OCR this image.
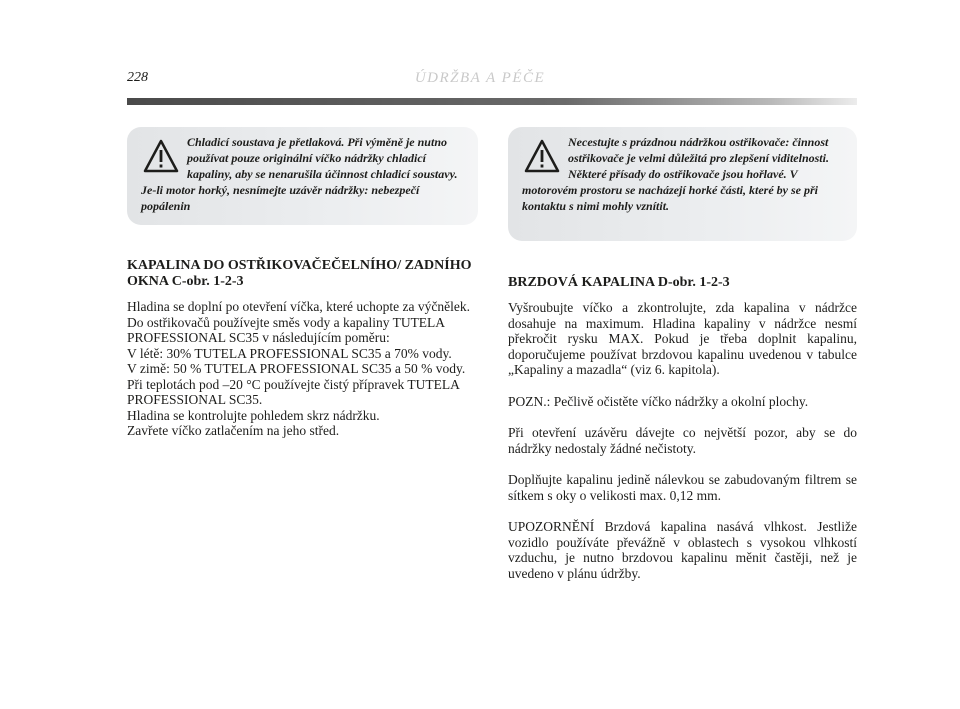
228	ÚDRŽBA A PÉČE

Chladicí soustava je přetlaková. Při výměně je nutno používat pouze originální víčko nádržky chladicí kapaliny, aby se nenarušila účinnost chladicí soustavy. Je-li motor horký, nesnímejte uzávěr nádržky: nebezpečí popálenin

Necestujte s prázdnou nádržkou ostřikovače: činnost ostřikovače je velmi důležitá pro zlepšení viditelnosti.

Některé přísady do ostřikovače jsou hořlavé. V motorovém prostoru se nacházejí horké části, které by se při kontaktu s nimi mohly vznítit.

KAPALINA DO OSTŘIKOVAČEČELNÍHO/ ZADNÍHO OKNA C-obr. 1-2-3

Hladina se doplní po otevření víčka, které uchopte za výčnělek.

Do ostřikovačů používejte směs vody a kapaliny TUTELA PROFESSIONAL SC35 v následujícím poměru:

V létě: 30% TUTELA PROFESSIONAL SC35 a 70% vody.

V zimě: 50 % TUTELA PROFESSIONAL SC35 a 50 % vody.

Při teplotách pod –20 °C používejte čistý přípravek TUTELA PROFESSIONAL SC35.

Hladina se kontrolujte pohledem skrz nádržku.

Zavřete víčko zatlačením na jeho střed.

BRZDOVÁ KAPALINA D-obr. 1-2-3

Vyšroubujte víčko a zkontrolujte, zda kapalina v nádržce dosahuje na maximum. Hladina kapaliny v nádržce nesmí překročit rysku MAX. Pokud je třeba doplnit kapalinu, doporučujeme používat brzdovou kapalinu uvedenou v tabulce „Kapaliny a mazadla“ (viz 6. kapitola).

POZN.: Pečlivě očistěte víčko nádržky a okolní plochy.

Při otevření uzávěru dávejte co největší pozor, aby se do nádržky nedostaly žádné nečistoty.

Doplňujte kapalinu jedině nálevkou se zabudovaným filtrem se sítkem s oky o velikosti max. 0,12 mm.

UPOZORNĚNÍ Brzdová kapalina nasává vlhkost. Jestliže vozidlo používáte převážně v oblastech s vysokou vlhkostí vzduchu, je nutno brzdovou kapalinu měnit častěji, než je uvedeno v plánu údržby.
